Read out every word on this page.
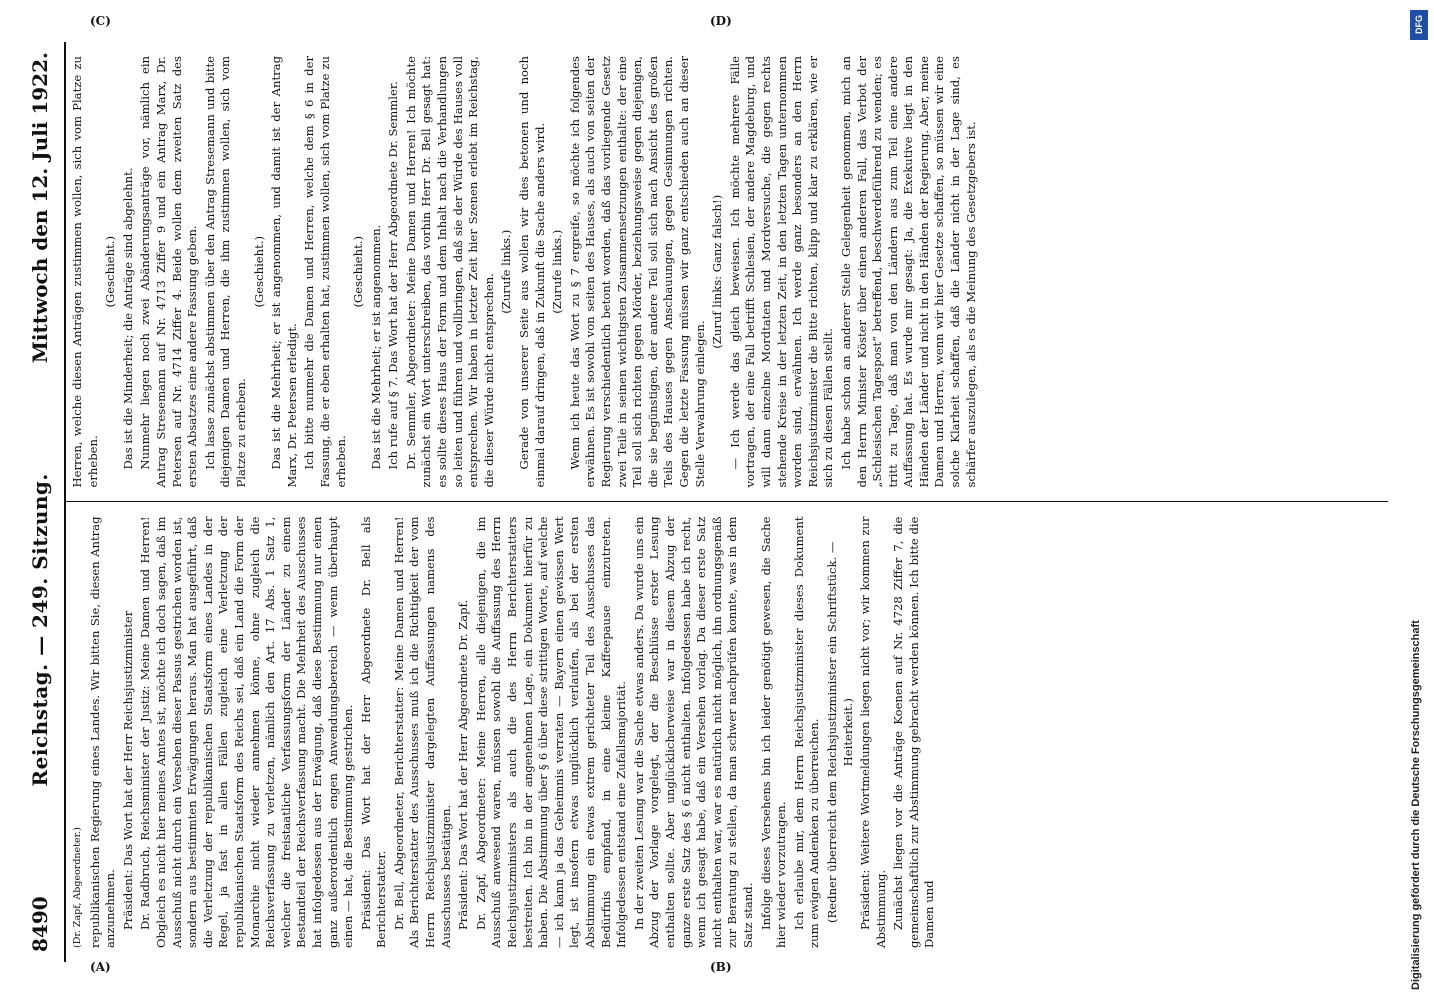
8490
Reichstag. — 249. Sitzung.
Mittwoch den 12. Juli 1922.

(Dr. Zapf, Abgeordneter.) republikanischen Regierung eines Landes. Wir bitten Sie, diesen Antrag anzunehmen. Präsident: Das Wort hat der Herr Reichsjustizminister Dr. Radbruch, Reichsminister der Justiz: Meine Damen und Herren! Obgleich es nicht hier meines Amtes ist, möchte ich doch sagen, daß im Ausschuß nicht durch ein Versehen dieser Passus gestrichen worden ist, sondern aus bestimmten Erwägungen heraus. Man hat ausgeführt, daß die Verletzung der republikanischen Staatsform eines Landes in der Regel, ja fast in allen Fällen zugleich eine Verletzung der republikanischen Staatsform des Reichs sei, daß ein Land die Form der Monarchie nicht wieder annehmen könne, ohne zugleich die Reichsverfassung zu verletzen, nämlich den Art. 17 Abs. 1 Satz 1, welcher die freistaatliche Verfassungsform der Länder zu einem Bestandteil der Reichsverfassung macht. Die Mehrheit des Ausschusses hat infolgedessen aus der Erwägung, daß diese Bestimmung nur einen ganz außerordentlich engen Anwendungsbereich — wenn überhaupt einen — hat, die Bestimmung gestrichen. Präsident: Das Wort hat der Herr Abgeordnete Dr. Bell als Berichterstatter. Dr. Bell, Abgeordneter, Berichterstatter: Meine Damen und Herren! Als Berichterstatter des Ausschusses muß ich die Richtigkeit der vom Herrn Reichsjustizminister dargelegten Auffassungen namens des Ausschusses bestätigen. Präsident: Das Wort hat der Herr Abgeordnete Dr. Zapf. Dr. Zapf, Abgeordneter: Meine Herren, alle diejenigen, die im Ausschuß anwesend waren, müssen sowohl die Auffassung des Herrn Reichsjustizministers als auch die des Herrn Berichterstatters bestreiten. Ich bin in der angenehmen Lage, ein Dokument hierfür zu haben. Die Abstimmung über § 6 über diese strittigen Worte, auf welche — ich kann ja das Geheimnis verraten — Bayern einen gewissen Wert legt, ist insofern etwas unglücklich verlaufen, als bei der ersten Abstimmung ein etwas extrem gerichteter Teil des Ausschusses das Bedürfnis empfand, in eine kleine Kaffeepause einzutreten. Infolgedessen entstand eine Zufallsmajorität. In der zweiten Lesung war die Sache etwas anders. Da wurde uns ein Abzug der Vorlage vorgelegt, der die Beschlüsse erster Lesung enthalten sollte. Aber unglücklicherweise war in diesem Abzug der ganze erste Satz des § 6 nicht enthalten. Infolgedessen habe ich recht, wenn ich gesagt habe, daß ein Versehen vorlag. Da dieser erste Satz nicht enthalten war, war es natürlich nicht möglich, ihn ordnungsgemäß zur Beratung zu stellen, da man schwer nachprüfen konnte, was in dem Satz stand. Infolge dieses Versehens bin ich leider genötigt gewesen, die Sache hier wieder vorzutragen. Ich erlaube mir, dem Herrn Reichsjustizminister dieses Dokument zum ewigen Andenken zu überreichen. (Redner überreicht dem Reichsjustizminister ein Schriftstück. — Heiterkeit.) Präsident: Weitere Wortmeldungen liegen nicht vor; wir kommen zur Abstimmung. Zunächst liegen vor die Anträge Koenen auf Nr. 4728 Ziffer 7, die gemeinschaftlich zur Abstimmung gebracht werden können. Ich bitte die Damen und

Herren, welche diesen Anträgen zustimmen wollen, sich vom Platze zu erheben.

(Geschieht.) Das ist die Minderheit; die Anträge sind abgelehnt. Nunmehr liegen noch zwei Abänderungsanträge vor, nämlich ein Antrag Stresemann auf Nr. 4713 Ziffer 9 und ein Antrag Marx, Dr. Petersen auf Nr. 4714 Ziffer 4. Beide wollen dem zweiten Satz des ersten Absatzes eine andere Fassung geben. Ich lasse zunächst abstimmen über den Antrag Stresemann und bitte diejenigen Damen und Herren, die ihm zustimmen wollen, sich vom Platze zu erheben.

(Geschieht.) Das ist die Mehrheit; er ist angenommen, und damit ist der Antrag Marx, Dr. Petersen erledigt. Ich bitte nunmehr die Damen und Herren, welche dem § 6 in der Fassung, die er eben erhalten hat, zustimmen wollen, sich vom Platze zu erheben.

(Geschieht.) Das ist die Mehrheit; er ist angenommen. Ich rufe auf § 7. Das Wort hat der Herr Abgeordnete Dr. Semmler. Dr. Semmler, Abgeordneter: Meine Damen und Herren! Ich möchte zunächst ein Wort unterschreiben, das vorhin Herr Dr. Bell gesagt hat: es sollte dieses Haus der Form und dem Inhalt nach die Verhandlungen so leiten und führen und vollbringen, daß sie der Würde des Hauses voll entsprechen. Wir haben in letzter Zeit hier Szenen erlebt im Reichstag, die dieser Würde nicht entsprechen.

(Zurufe links.) Gerade von unserer Seite aus wollen wir dies betonen und noch einmal darauf dringen, daß in Zukunft die Sache anders wird. (Zurufe links.) Wenn ich heute das Wort zu § 7 ergreife, so möchte ich folgendes erwähnen. Es ist sowohl von seiten des Hauses, als auch von seiten der Regierung verschiedentlich betont worden, daß das vorliegende Gesetz zwei Teile in seinen wichtigsten Zusammensetzungen enthalte: der eine Teil soll sich richten gegen Mörder, beziehungsweise gegen diejenigen, die sie begünstigen, der andere Teil soll sich nach Ansicht des großen Teils des Hauses gegen Anschauungen, gegen Gesinnungen richten. Gegen die letzte Fassung müssen wir ganz entschieden auch an dieser Stelle Verwahrung einlegen.

(Zuruf links: Ganz falsch!) — Ich werde das gleich beweisen. Ich möchte mehrere Fälle vortragen, der eine Fall betrifft Schlesien, der andere Magdeburg, und will dann einzelne Mordtaten und Mordversuche, die gegen rechts stehende Kreise in der letzten Zeit, in den letzten Tagen unternommen worden sind, erwähnen. Ich werde ganz besonders an den Herrn Reichsjustizminister die Bitte richten, klipp und klar zu erklären, wie er sich zu diesen Fällen stellt. Ich habe schon an anderer Stelle Gelegenheit genommen, mich an den Herrn Minister Köster über einen anderen Fall, das Verbot der „Schlesischen Tagespost“ betreffend, beschwerdeführend zu wenden; es tritt zu Tage, daß man von den Ländern aus zum Teil eine andere Auffassung hat. Es wurde mir gesagt: Ja, die Exekutive liegt in den Händen der Länder und nicht in den Händen der Regierung. Aber, meine Damen und Herren, wenn wir hier Gesetze schaffen, so müssen wir eine solche Klarheit schaffen, daß die Länder nicht in der Lage sind, es schärfer auszulegen, als es die Meinung des Gesetzgebers ist.

(A)	(B)
(C)	(D)	DFG
Digitalisierung gefördert durch die Deutsche Forschungsgemeinschaft
